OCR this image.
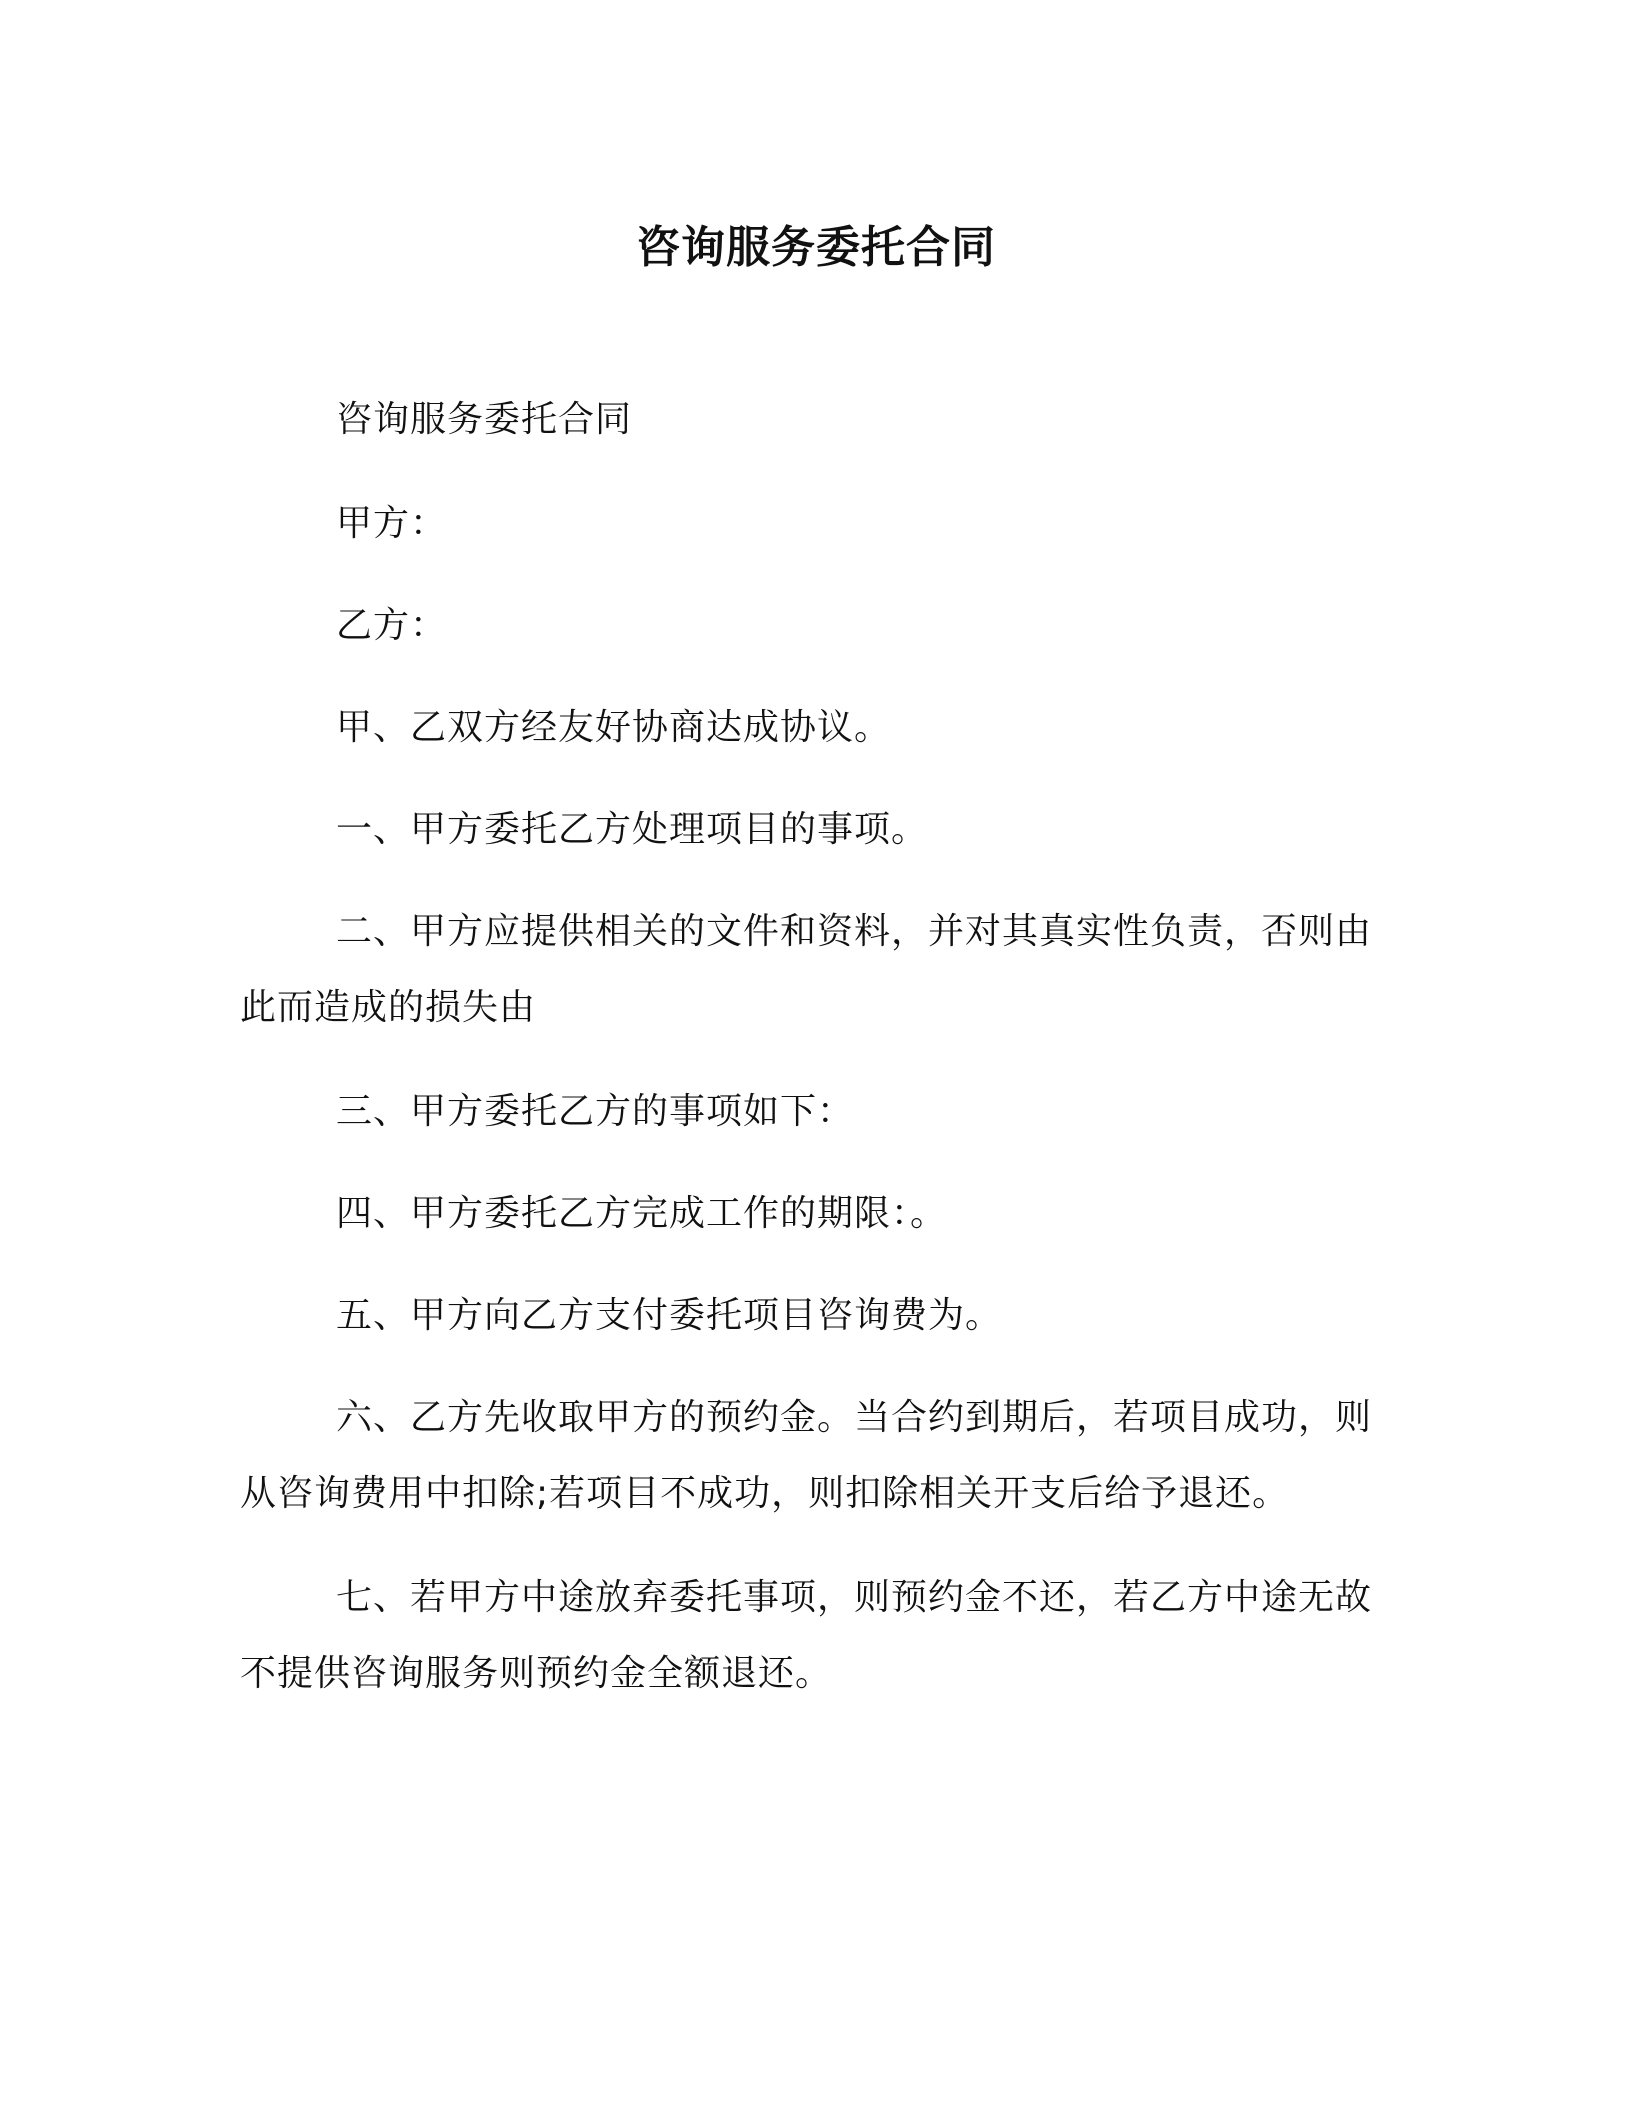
咨询服务委托合同

咨询服务委托合同

甲方：

乙方：

甲、乙双方经友好协商达成协议。

一、甲方委托乙方处理项目的事项。

二、甲方应提供相关的文件和资料，并对其真实性负责，否则由此而造成的损失由

三、甲方委托乙方的事项如下：

四、甲方委托乙方完成工作的期限：。

五、甲方向乙方支付委托项目咨询费为。

六、乙方先收取甲方的预约金。当合约到期后，若项目成功，则从咨询费用中扣除;若项目不成功，则扣除相关开支后给予退还。

七、若甲方中途放弃委托事项，则预约金不还，若乙方中途无故不提供咨询服务则预约金全额退还。
